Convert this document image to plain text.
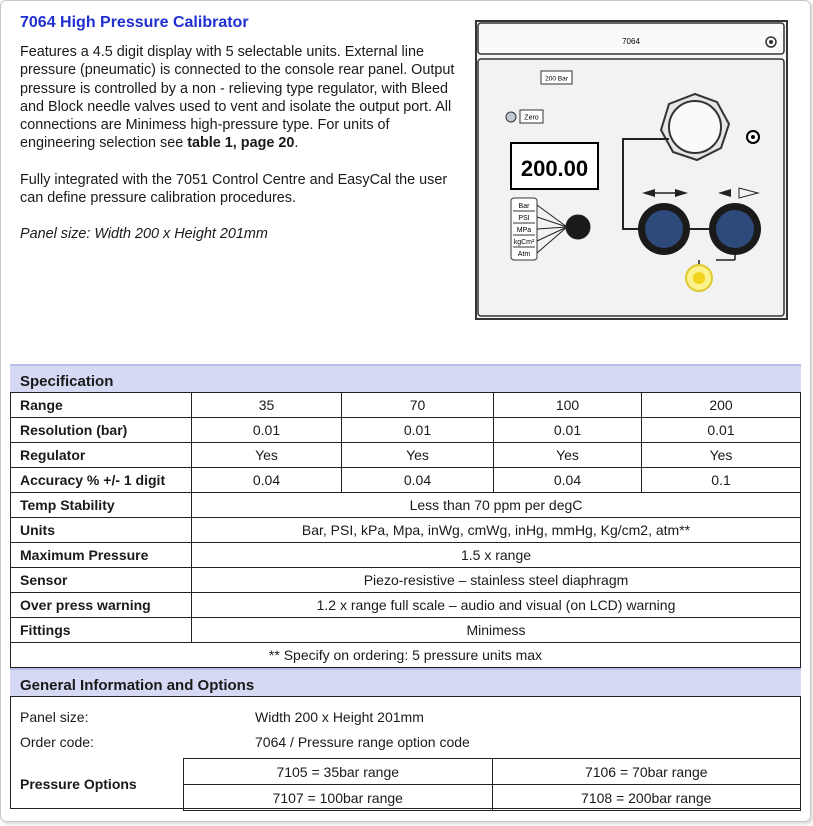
7064 High Pressure Calibrator

Features a 4.5 digit display with 5 selectable units. External line pressure (pneumatic) is connected to the console rear panel. Output pressure is controlled by a non - relieving type regulator, with Bleed and Block needle valves used to vent and isolate the output port. All connections are Minimess high-pressure type. For units of engineering selection see table 1, page 20.

Fully integrated with the 7051 Control Centre and EasyCal the user can define pressure calibration procedures.

Panel size: Width 200 x Height 201mm

7064
200 Bar
Zero
200.00
Bar
PSI
MPa
kgCm²
Atm
Specification
Range	35	70	100	200
Resolution (bar)	0.01	0.01	0.01	0.01
Regulator	Yes	Yes	Yes	Yes
Accuracy % +/- 1 digit	0.04	0.04	0.04	0.1
Temp Stability	Less than 70 ppm per degC			
Units	Bar, PSI, kPa, Mpa, inWg, cmWg, inHg, mmHg, Kg/cm2, atm**			
Maximum Pressure	1.5 x range			
Sensor	Piezo-resistive – stainless steel diaphragm			
Over press warning	1.2 x range full scale – audio and visual (on LCD) warning			
Fittings	Minimess			
** Specify on ordering: 5 pressure units max				
General Information and Options
Panel size:	Width 200 x Height 201mm
Order code:	7064 / Pressure range option code
Pressure Options
7105 = 35bar range	7106 = 70bar range
7107 = 100bar range	7108 = 200bar range
